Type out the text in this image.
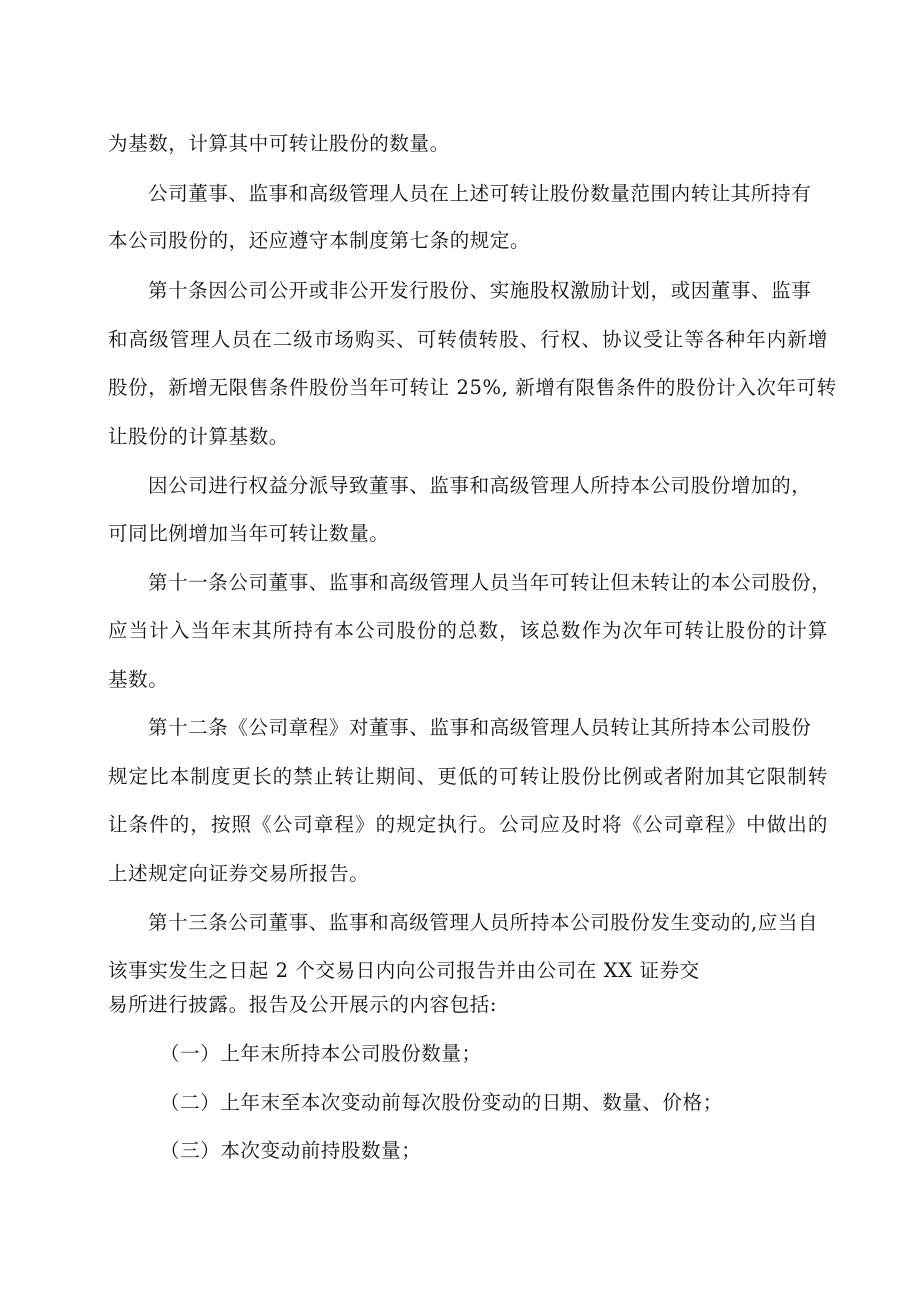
为基数，计算其中可转让股份的数量。
公司董事、监事和高级管理人员在上述可转让股份数量范围内转让其所持有
本公司股份的，还应遵守本制度第七条的规定。
第十条因公司公开或非公开发行股份、实施股权激励计划，或因董事、监事
和高级管理人员在二级市场购买、可转债转股、行权、协议受让等各种年内新增
股份，新增无限售条件股份当年可转让 25%, 新增有限售条件的股份计入次年可转
让股份的计算基数。
因公司进行权益分派导致董事、监事和高级管理人所持本公司股份增加的，
可同比例增加当年可转让数量。
第十一条公司董事、监事和高级管理人员当年可转让但未转让的本公司股份，
应当计入当年末其所持有本公司股份的总数，该总数作为次年可转让股份的计算
基数。
第十二条《公司章程》对董事、监事和高级管理人员转让其所持本公司股份
规定比本制度更长的禁止转让期间、更低的可转让股份比例或者附加其它限制转
让条件的，按照《公司章程》的规定执行。公司应及时将《公司章程》中做出的
上述规定向证券交易所报告。
第十三条公司董事、监事和高级管理人员所持本公司股份发生变动的,应当自
该事实发生之日起 2 个交易日内向公司报告并由公司在 XX 证券交
易所进行披露。报告及公开展示的内容包括:
（一）上年末所持本公司股份数量；
（二）上年末至本次变动前每次股份变动的日期、数量、价格；
（三）本次变动前持股数量；
